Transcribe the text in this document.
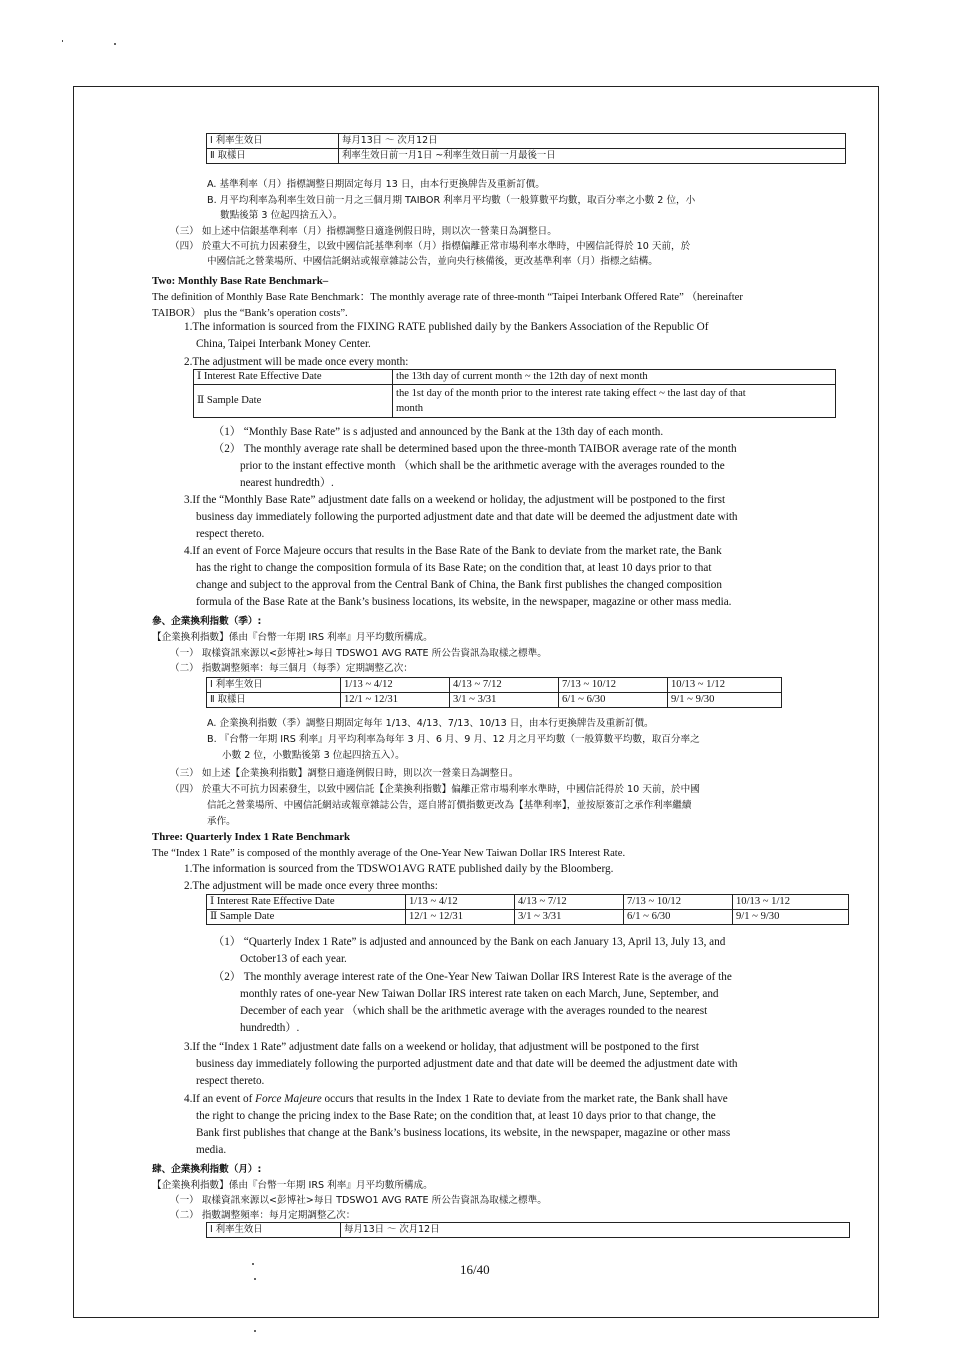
Ⅰ 利率生效日	每月13日 ～ 次月12日
Ⅱ 取樣日	利率生效日前一月1日 ~利率生效日前一月最後一日
A. 基準利率（月）指標調整日期固定每月 13 日，由本行更換牌告及重新訂價。
B. 月平均利率為利率生效日前一月之三個月期 TAIBOR 利率月平均數（一般算數平均數，取百分率之小數 2 位，小
數點後第 3 位起四捨五入）。
（三） 如上述中信銀基準利率（月）指標調整日適逢例假日時，則以次一營業日為調整日。
（四） 於重大不可抗力因素發生，以致中國信託基準利率（月）指標偏離正常市場利率水準時，中國信託得於 10 天前，於
中國信託之營業場所、中國信託網站或報章雜誌公告，並向央行核備後，更改基準利率（月）指標之結構。
Two: Monthly Base Rate Benchmark–
The definition of Monthly Base Rate Benchmark：The monthly average rate of three-month “Taipei Interbank Offered Rate” （hereinafter
TAIBOR） plus the “Bank’s operation costs”.
1.The information is sourced from the FIXING RATE published daily by the Bankers Association of the Republic Of
China, Taipei Interbank Money Center.
2.The adjustment will be made once every month:
Ⅰ Interest Rate Effective Date	the 13th day of current month ~ the 12th day of next month
Ⅱ Sample Date	the 1st day of the month prior to the interest rate taking effect ~ the last day of that
month
（1） “Monthly Base Rate” is s adjusted and announced by the Bank at the 13th day of each month.
（2） The monthly average rate shall be determined based upon the three-month TAIBOR average rate of the month
prior to the instant effective month （which shall be the arithmetic average with the averages rounded to the
nearest hundredth）.
3.If the “Monthly Base Rate” adjustment date falls on a weekend or holiday, the adjustment will be postponed to the first
business day immediately following the purported adjustment date and that date will be deemed the adjustment date with
respect thereto.
4.If an event of Force Majeure occurs that results in the Base Rate of the Bank to deviate from the market rate, the Bank
has the right to change the composition formula of its Base Rate; on the condition that, at least 10 days prior to that
change and subject to the approval from the Central Bank of China, the Bank first publishes the changed composition
formula of the Base Rate at the Bank’s business locations, its website, in the newspaper, magazine or other mass media.
參、企業換利指數（季）:
【企業換利指數】係由『台幣一年期 IRS 利率』月平均數所構成。
（一） 取樣資訊來源以<彭博社>每日 TDSWO1 AVG RATE 所公告資訊為取樣之標準。
（二） 指數調整頻率：每三個月（每季）定期調整乙次：
Ⅰ 利率生效日	1/13 ~ 4/12	4/13 ~ 7/12	7/13 ~ 10/12	10/13 ~ 1/12
Ⅱ 取樣日	12/1 ~ 12/31	3/1 ~ 3/31	6/1 ~ 6/30	9/1 ~ 9/30
A. 企業換利指數（季）調整日期固定每年 1/13、4/13、7/13、10/13 日，由本行更換牌告及重新訂價。
B. 『台幣一年期 IRS 利率』月平均利率為每年 3 月、6 月、9 月、12 月之月平均數（一般算數平均數，取百分率之
小數 2 位，小數點後第 3 位起四捨五入）。
（三） 如上述【企業換利指數】調整日適逢例假日時，則以次一營業日為調整日。
（四） 於重大不可抗力因素發生，以致中國信託【企業換利指數】偏離正常市場利率水準時，中國信託得於 10 天前，於中國
信託之營業場所、中國信託網站或報章雜誌公告，逕自將訂價指數更改為【基準利率】，並按原簽訂之承作利率繼續
承作。
Three: Quarterly Index 1 Rate Benchmark
The “Index 1 Rate” is composed of the monthly average of the One-Year New Taiwan Dollar IRS Interest Rate.
1.The information is sourced from the TDSWO1AVG RATE published daily by the Bloomberg.
2.The adjustment will be made once every three months:
Ⅰ Interest Rate Effective Date	1/13 ~ 4/12	4/13 ~ 7/12	7/13 ~ 10/12	10/13 ~ 1/12
Ⅱ Sample Date	12/1 ~ 12/31	3/1 ~ 3/31	6/1 ~ 6/30	9/1 ~ 9/30
（1） “Quarterly Index 1 Rate” is adjusted and announced by the Bank on each January 13, April 13, July 13, and
October13 of each year.
（2） The monthly average interest rate of the One-Year New Taiwan Dollar IRS Interest Rate is the average of the
monthly rates of one-year New Taiwan Dollar IRS interest rate taken on each March, June, September, and
December of each year （which shall be the arithmetic average with the averages rounded to the nearest
hundredth）.
3.If the “Index 1 Rate” adjustment date falls on a weekend or holiday, that adjustment will be postponed to the first
business day immediately following the purported adjustment date and that date will be deemed the adjustment date with
respect thereto.
4.If an event of Force Majeure occurs that results in the Index 1 Rate to deviate from the market rate, the Bank shall have
the right to change the pricing index to the Base Rate; on the condition that, at least 10 days prior to that change, the
Bank first publishes that change at the Bank’s business locations, its website, in the newspaper, magazine or other mass
media.
肆、企業換利指數（月）:
【企業換利指數】係由『台幣一年期 IRS 利率』月平均數所構成。
（一） 取樣資訊來源以<彭博社>每日 TDSWO1 AVG RATE 所公告資訊為取樣之標準。
（二） 指數調整頻率：每月定期調整乙次：
Ⅰ 利率生效日	每月13日 ～ 次月12日
16/40
